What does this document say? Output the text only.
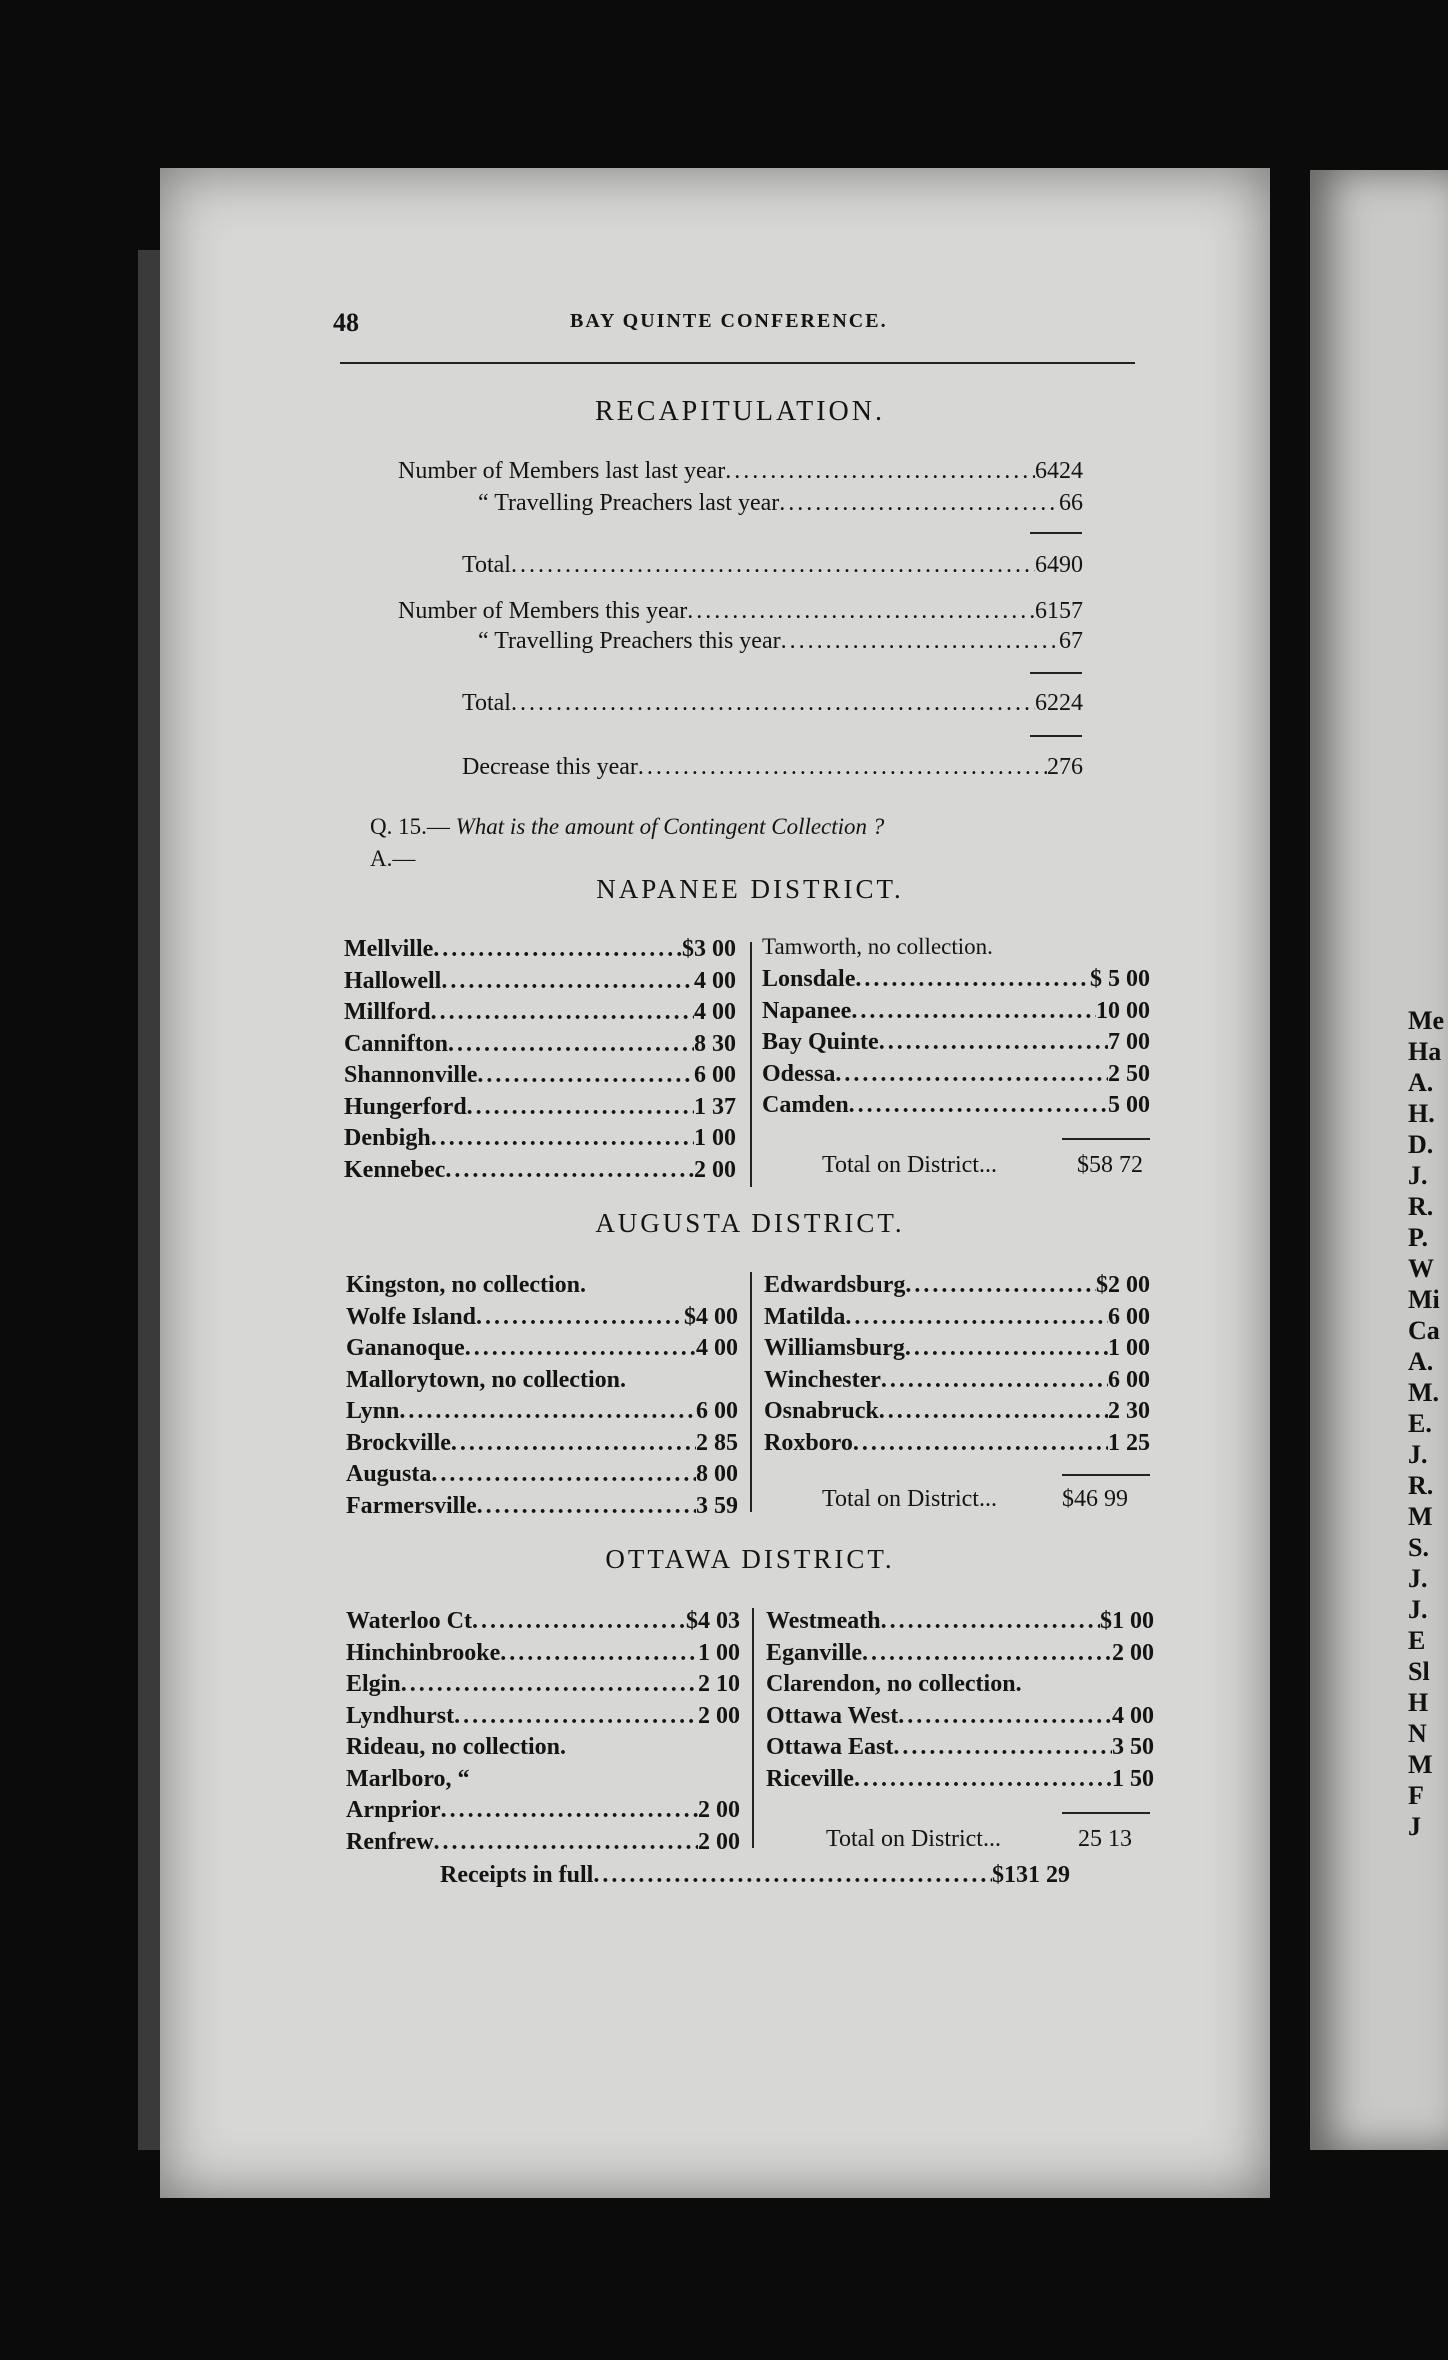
Me
Ha
A.
H.
D.
J.
R.
P.
W
Mi
Ca
A.
M.
E.
J.
R.
M
S.
J.
J.
E
Sl
H
N
M
F
J
48	BAY QUINTE CONFERENCE.
RECAPITULATION.
Number of Members last last year .....	6424
“ Travelling Preachers last year .....	66
Total .....	6490
Number of Members this year .....	6157
“ Travelling Preachers this year .....	67
Total .....	6224
Decrease this year .....	276
Q. 15.— What is the amount of Contingent Collection ?
A.—
NAPANEE DISTRICT.
Mellville .....	$3 00
Hallowell .....	4 00
Millford .....	4 00
Cannifton .....	8 30
Shannonville .....	6 00
Hungerford .....	1 37
Denbigh .....	1 00
Kennebec .....	2 00
Lonsdale .....	$ 5 00
Napanee .....	10 00
Bay Quinte .....	7 00
Odessa .....	2 50
Camden .....	5 00
Tamworth, no collection.
Total on District...	$58 72
AUGUSTA DISTRICT.
Kingston, no collection.
Wolfe Island .....	$4 00
Gananoque .....	4 00
Mallorytown, no collection.
Lynn .....	6 00
Brockville .....	2 85
Augusta .....	8 00
Farmersville .....	3 59
Edwardsburg .....	$2 00
Matilda .....	6 00
Williamsburg .....	1 00
Winchester .....	6 00
Osnabruck .....	2 30
Roxboro .....	1 25
Total on District...	$46 99
OTTAWA DISTRICT.
Waterloo Ct .....	$4 03
Hinchinbrooke .....	1 00
Elgin .....	2 10
Lyndhurst .....	2 00
Rideau, no collection.
Marlboro, “
Arnprior .....	2 00
Renfrew .....	2 00
Westmeath .....	$1 00
Eganville .....	2 00
Clarendon, no collection.
Ottawa West .....	4 00
Ottawa East .....	3 50
Riceville .....	1 50
Total on District...	25 13
Receipts in full .....	$131 29
